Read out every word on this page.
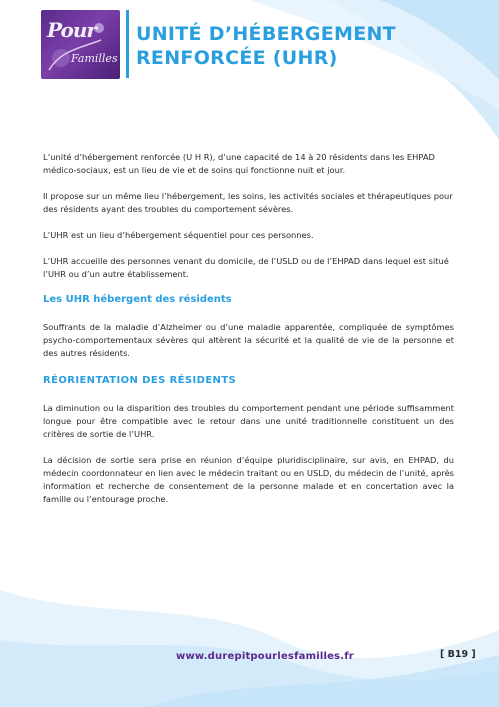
Pour
Familles
UNITÉ D’HÉBERGEMENT
RENFORCÉE (UHR)

L’unité d’hébergement renforcée (U H R), d’une capacité de 14 à 20 résidents dans les EHPAD médico-sociaux, est un lieu de vie et de soins qui fonctionne nuit et jour.

Il propose sur un même lieu l’hébergement, les soins, les activités sociales et thérapeutiques pour des résidents ayant des troubles du comportement sévères.

L’UHR est un lieu d’hébergement séquentiel pour ces personnes.

L’UHR accueille des personnes venant du domicile, de l’USLD ou de l’EHPAD dans lequel est situé l’UHR ou d’un autre établissement.

Les UHR hébergent des résidents

Souffrants de la maladie d’Alzheimer ou d’une maladie apparentée, compliquée de symptômes psycho-comportementaux sévères qui altèrent la sécurité et la qualité de vie de la personne et des autres résidents.

RÉORIENTATION DES RÉSIDENTS

La diminution ou la disparition des troubles du comportement pendant une période suffisamment longue pour être compatible avec le retour dans une unité traditionnelle constituent un des critères de sortie de l’UHR.

La décision de sortie sera prise en réunion d’équipe pluridisciplinaire, sur avis, en EHPAD, du médecin coordonnateur en lien avec le médecin traitant ou en USLD, du médecin de l’unité, après information et recherche de consentement de la personne malade et en concertation avec la famille ou l’entourage proche.

www.durepitpourlesfamilles.fr	[ B19 ]
